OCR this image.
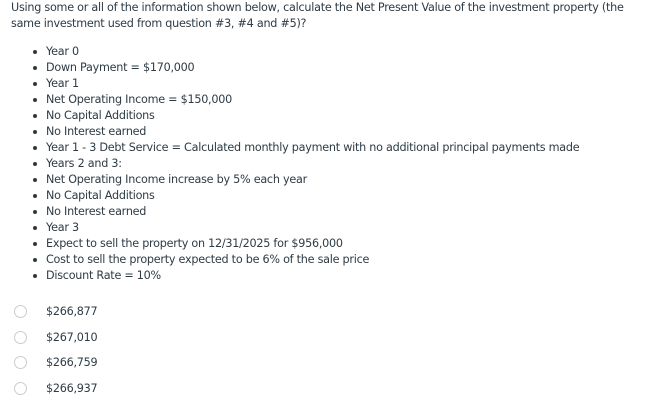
Using some or all of the information shown below, calculate the Net Present Value of the investment property (the same investment used from question #3, #4 and #5)?

Year 0
Down Payment = $170,000
Year 1
Net Operating Income = $150,000
No Capital Additions
No Interest earned
Year 1 - 3 Debt Service = Calculated monthly payment with no additional principal payments made
Years 2 and 3:
Net Operating Income increase by 5% each year
No Capital Additions
No Interest earned
Year 3
Expect to sell the property on 12/31/2025 for $956,000
Cost to sell the property expected to be 6% of the sale price
Discount Rate = 10%
$266,877
$267,010
$266,759
$266,937
